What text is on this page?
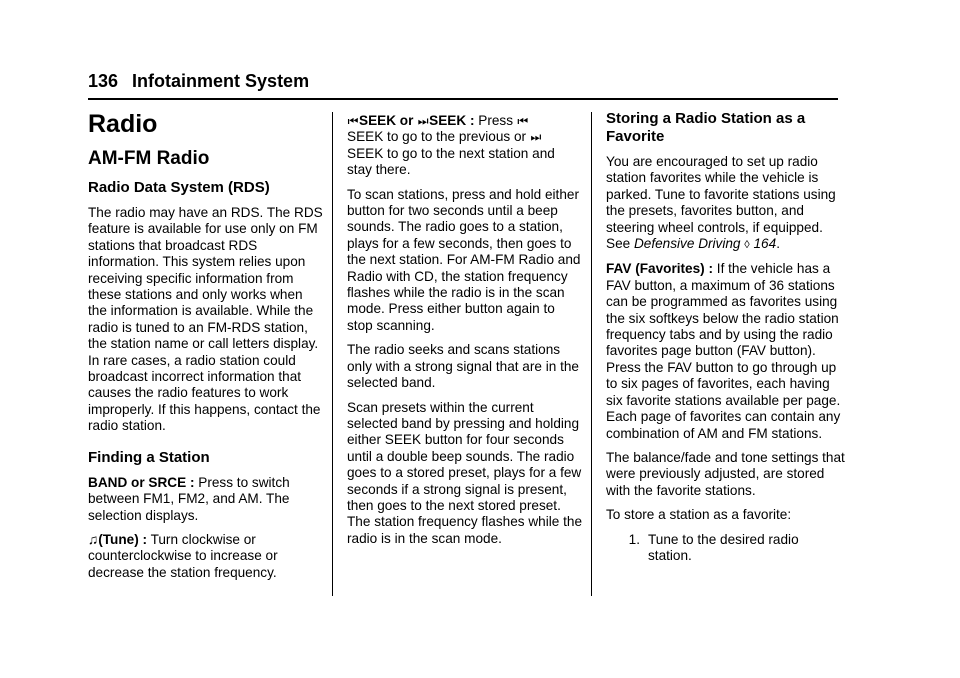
136 Infotainment System
Radio
AM-FM Radio
Radio Data System (RDS)

The radio may have an RDS. The RDS feature is available for use only on FM stations that broadcast RDS information. This system relies upon receiving specific information from these stations and only works when the information is available. While the radio is tuned to an FM-RDS station, the station name or call letters display. In rare cases, a radio station could broadcast incorrect information that causes the radio features to work improperly. If this happens, contact the radio station.

Finding a Station

BAND or SRCE : Press to switch between FM1, FM2, and AM. The selection displays.

♫(Tune) : Turn clockwise or counterclockwise to increase or decrease the station frequency.

⏮SEEK or ⏭SEEK : Press ⏮
SEEK to go to the previous or ⏭
SEEK to go to the next station and stay there.

To scan stations, press and hold either button for two seconds until a beep sounds. The radio goes to a station, plays for a few seconds, then goes to the next station. For AM-FM Radio and Radio with CD, the station frequency flashes while the radio is in the scan mode. Press either button again to stop scanning.

The radio seeks and scans stations only with a strong signal that are in the selected band.

Scan presets within the current selected band by pressing and holding either SEEK button for four seconds until a double beep sounds. The radio goes to a stored preset, plays for a few seconds if a strong signal is present, then goes to the next stored preset. The station frequency flashes while the radio is in the scan mode.

Storing a Radio Station as a Favorite

You are encouraged to set up radio station favorites while the vehicle is parked. Tune to favorite stations using the presets, favorites button, and steering wheel controls, if equipped. See Defensive Driving ◊ 164.

FAV (Favorites) : If the vehicle has a FAV button, a maximum of 36 stations can be programmed as favorites using the six softkeys below the radio station frequency tabs and by using the radio favorites page button (FAV button). Press the FAV button to go through up to six pages of favorites, each having six favorite stations available per page. Each page of favorites can contain any combination of AM and FM stations.

The balance/fade and tone settings that were previously adjusted, are stored with the favorite stations.

To store a station as a favorite:

1. Tune to the desired radio station.
